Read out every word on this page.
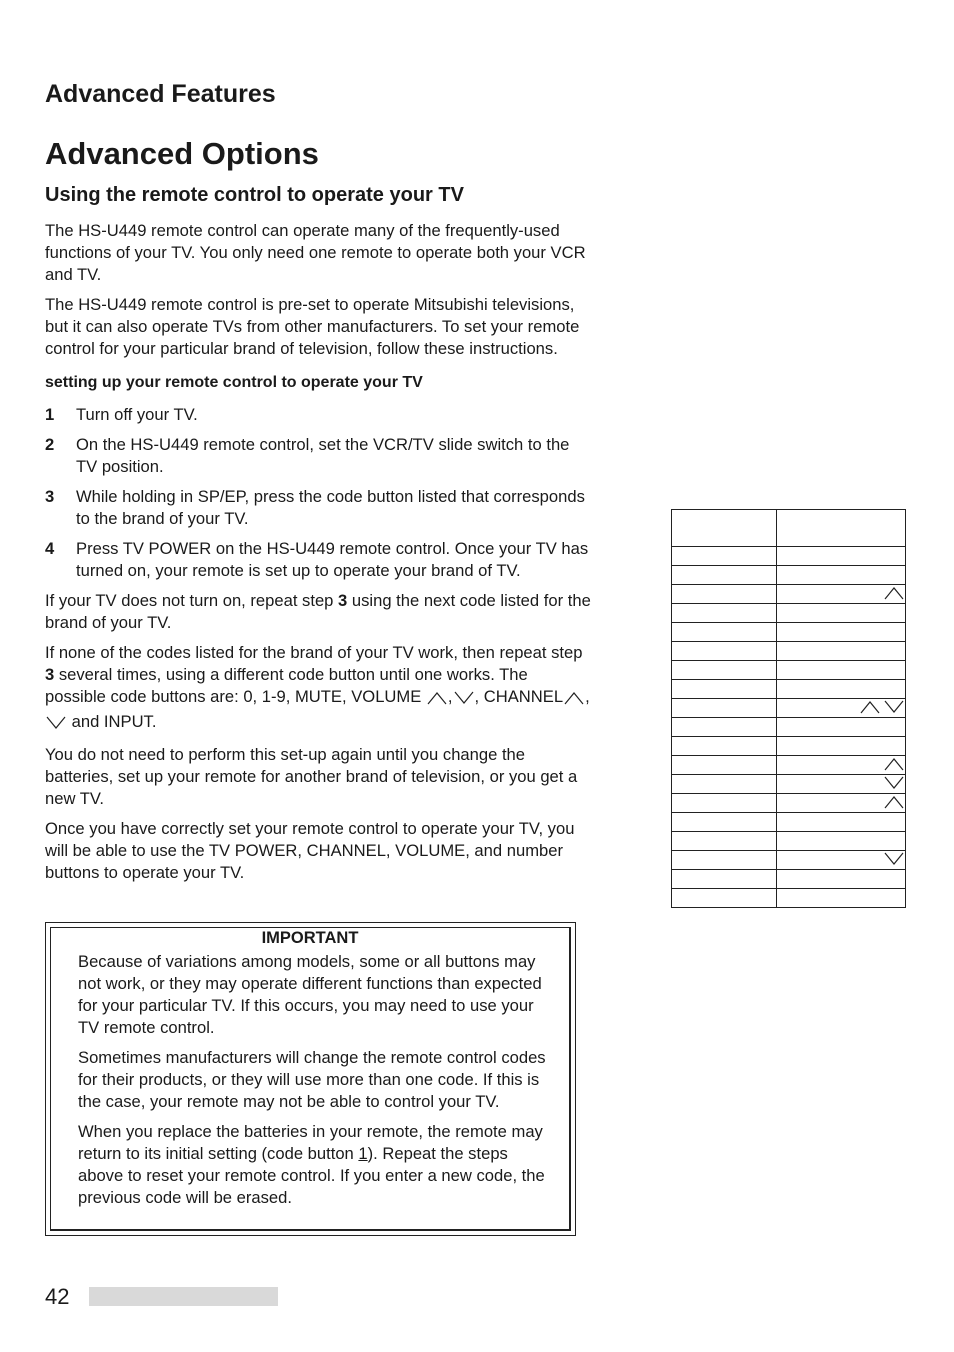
Advanced Features
Advanced Options
Using the remote control to operate your TV

The HS-U449 remote control can operate many of the frequently-used functions of your TV. You only need one remote to operate both your VCR and TV.

The HS-U449 remote control is pre-set to operate Mitsubishi televisions, but it can also operate TVs from other manufacturers. To set your remote control for your particular brand of television, follow these instructions.

setting up your remote control to operate your TV

1	Turn off your TV.
2	On the HS-U449 remote control, set the VCR/TV slide switch to the TV position.
3	While holding in SP/EP, press the code button listed that corresponds to the brand of your TV.
4	Press TV POWER on the HS-U449 remote control. Once your TV has turned on, your remote is set up to operate your brand of TV.

If your TV does not turn on, repeat step 3 using the next code listed for the brand of your TV.

If none of the codes listed for the brand of your TV work, then repeat step 3 several times, using a different code button until one works. The possible code buttons are: 0, 1-9, MUTE, VOLUME , , CHANNEL , and INPUT.

You do not need to perform this set-up again until you change the batteries, set up your remote for another brand of television, or you get a new TV.

Once you have correctly set your remote control to operate your TV, you will be able to use the TV POWER, CHANNEL, VOLUME, and number buttons to operate your TV.

IMPORTANT

Because of variations among models, some or all buttons may not work, or they may operate different functions than expected for your particular TV. If this occurs, you may need to use your TV remote control.

Sometimes manufacturers will change the remote control codes for their products, or they will use more than one code. If this is the case, your remote may not be able to control your TV.

When you replace the batteries in your remote, the remote may return to its initial setting (code button 1). Repeat the steps above to reset your remote control. If you enter a new code, the previous code will be erased.

42
